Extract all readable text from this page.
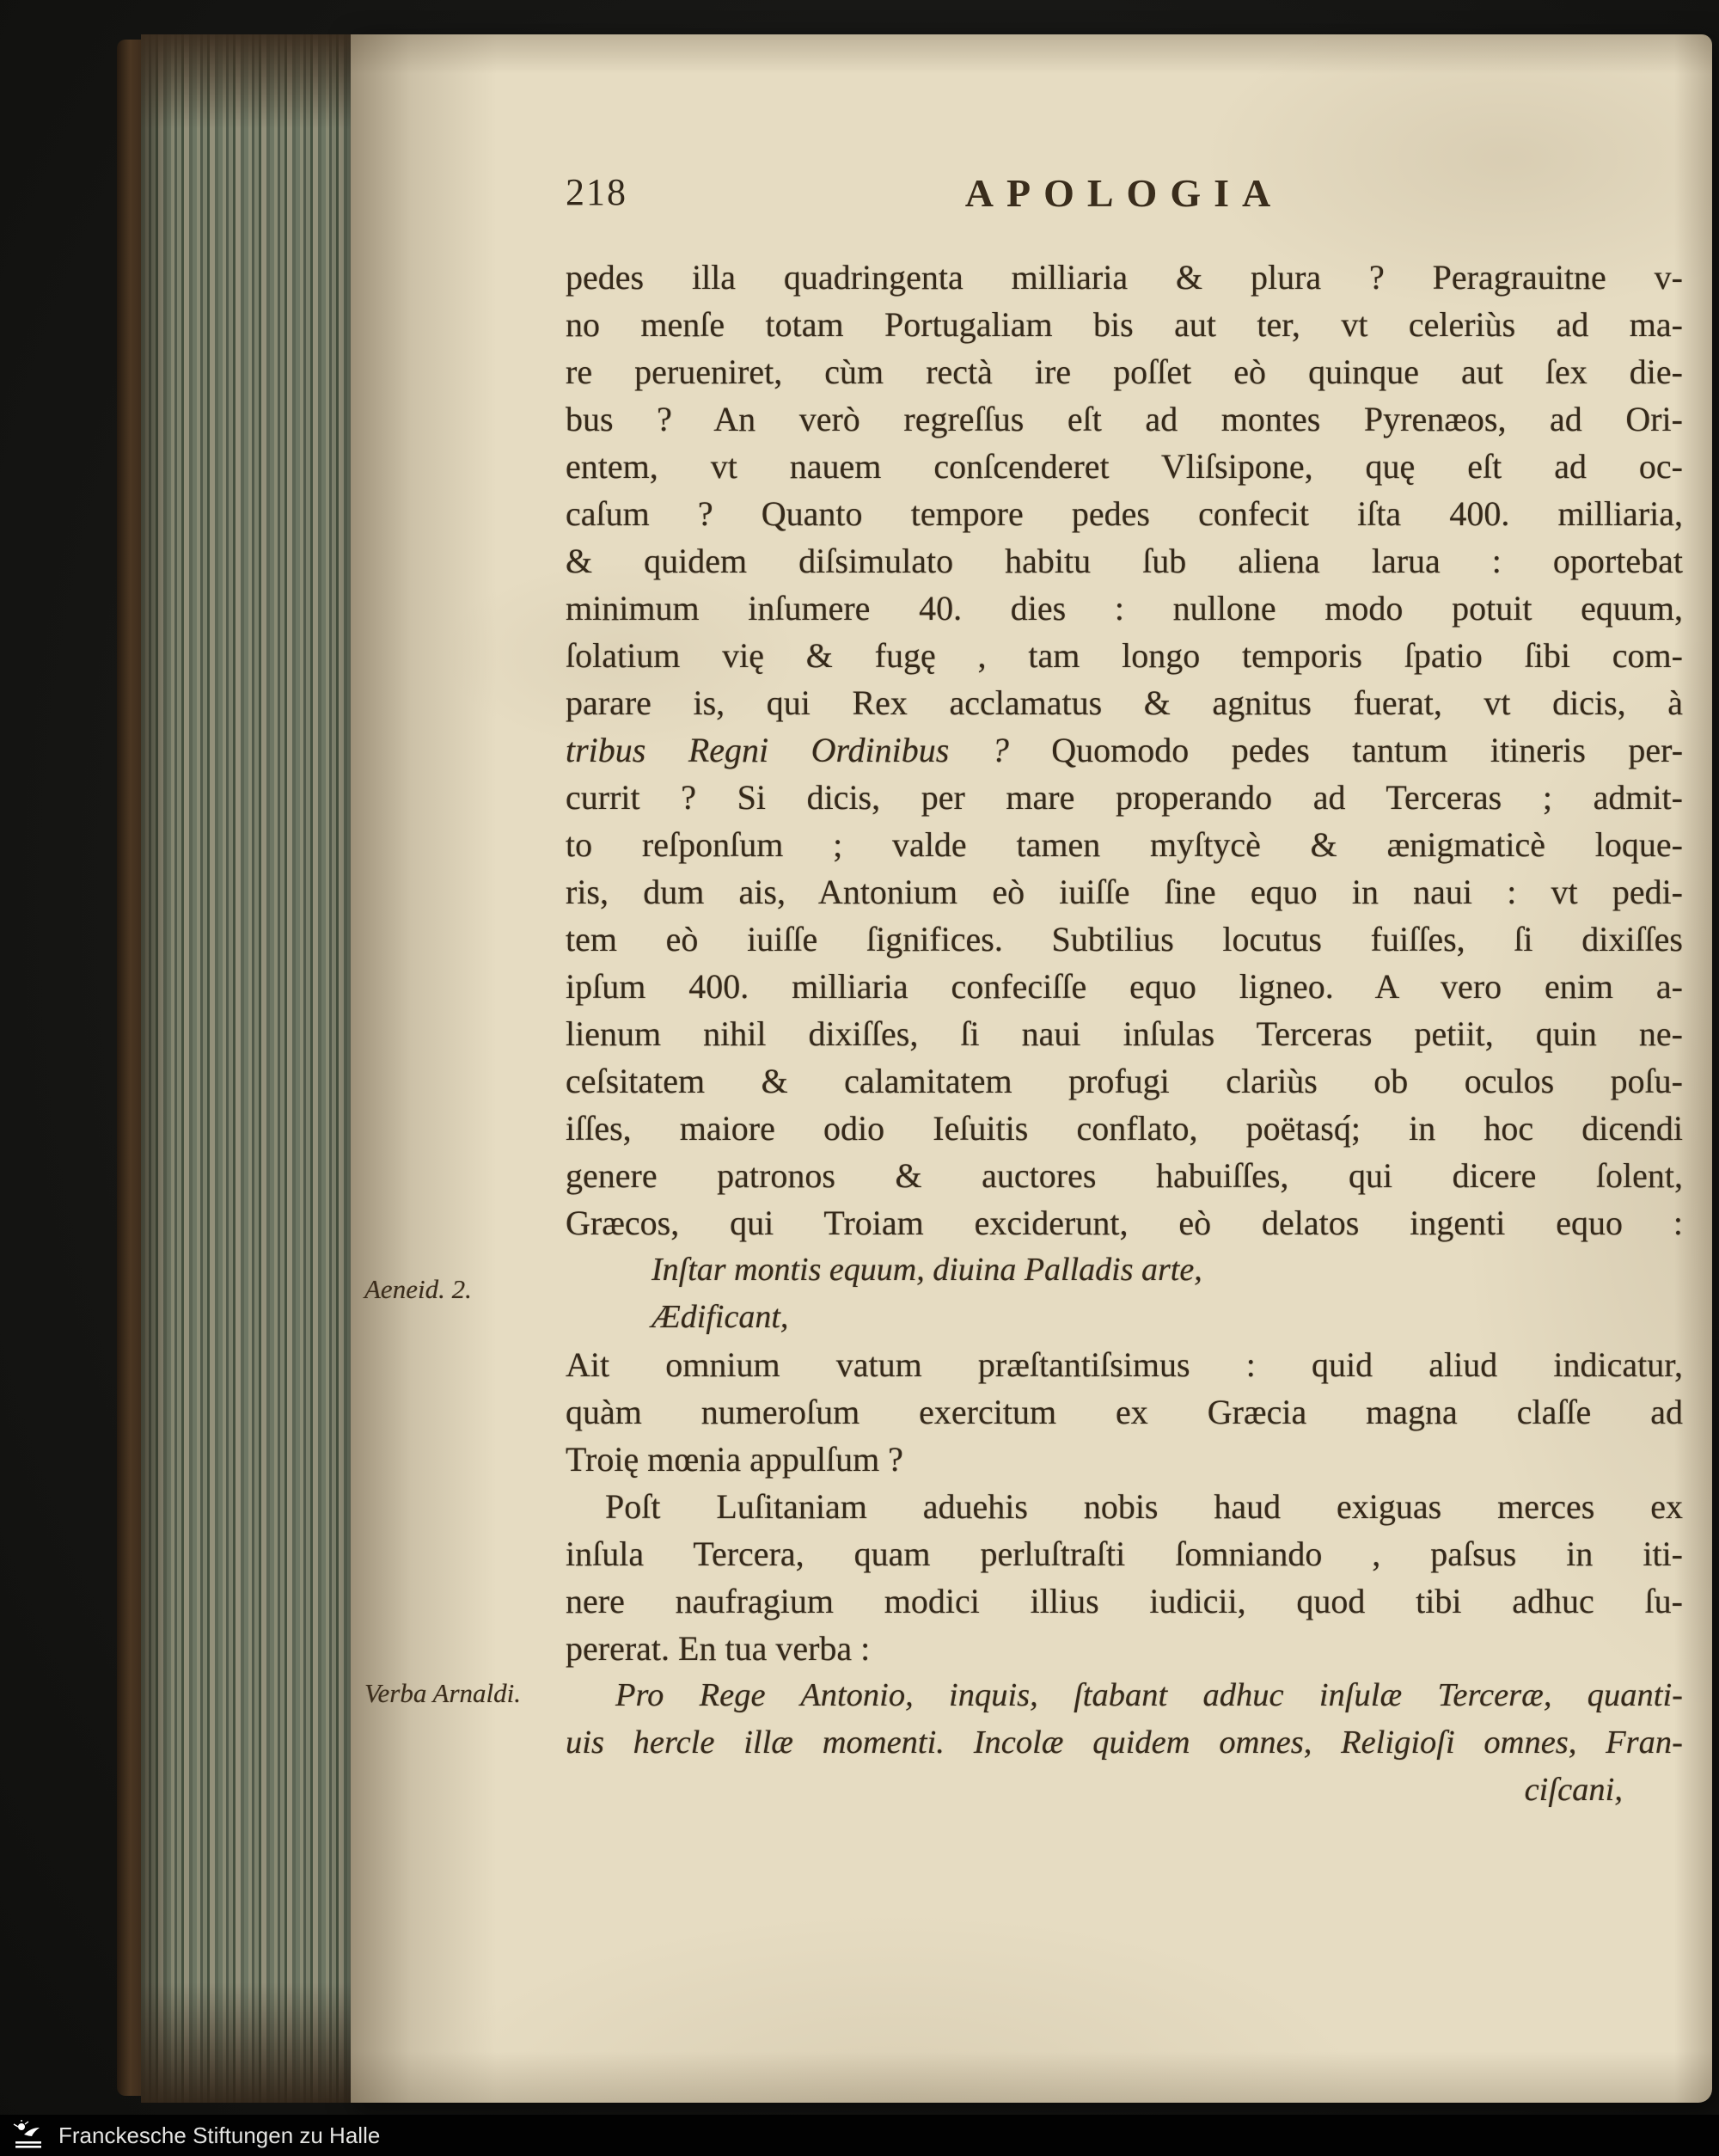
218	APOLOGIA
pedes illa quadringenta milliaria & plura ? Peragrauitne v-
no menſe totam Portugaliam bis aut ter, vt celeriùs ad ma-
re perueniret, cùm rectà ire poſſet eò quinque aut ſex die-
bus ? An verò regreſſus eſt ad montes Pyrenæos, ad Ori-
entem, vt nauem conſcenderet Vliſsipone, quę eſt ad oc-
caſum ? Quanto tempore pedes confecit iſta 400. milliaria,
& quidem diſsimulato habitu ſub aliena larua : oportebat
minimum inſumere 40. dies : nullone modo potuit equum,
ſolatium vię & fugę , tam longo temporis ſpatio ſibi com-
parare is, qui Rex acclamatus & agnitus fuerat, vt dicis, à
tribus Regni Ordinibus ? Quomodo pedes tantum itineris per-
currit ? Si dicis, per mare properando ad Terceras ; admit-
to reſponſum ; valde tamen myſtycè & ænigmaticè loque-
ris, dum ais, Antonium eò iuiſſe ſine equo in naui : vt pedi-
tem eò iuiſſe ſignifices. Subtilius locutus fuiſſes, ſi dixiſſes
ipſum 400. milliaria confeciſſe equo ligneo. A vero enim a-
lienum nihil dixiſſes, ſi naui inſulas Terceras petiit, quin ne-
ceſsitatem & calamitatem profugi clariùs ob oculos poſu-
iſſes, maiore odio Ieſuitis conflato, poëtasq́; in hoc dicendi
genere patronos & auctores habuiſſes, qui dicere ſolent,
Græcos, qui Troiam exciderunt, eò delatos ingenti equo :
Inſtar montis equum, diuina Palladis arte,
Ædificant,
Ait omnium vatum præſtantiſsimus : quid aliud indicatur,
quàm numeroſum exercitum ex Græcia magna claſſe ad
Troię mœnia appulſum ?
Poſt Luſitaniam aduehis nobis haud exiguas merces ex
inſula Tercera, quam perluſtraſti ſomniando , paſsus in iti-
nere naufragium modici illius iudicii, quod tibi adhuc ſu-
pererat. En tua verba :
Pro Rege Antonio, inquis, ſtabant adhuc inſulæ Terceræ, quanti-
uis hercle illæ momenti. Incolæ quidem omnes, Religioſi omnes, Fran-
ciſcani,
Aeneid. 2.
Verba Arnaldi.
Franckesche Stiftungen zu Halle
